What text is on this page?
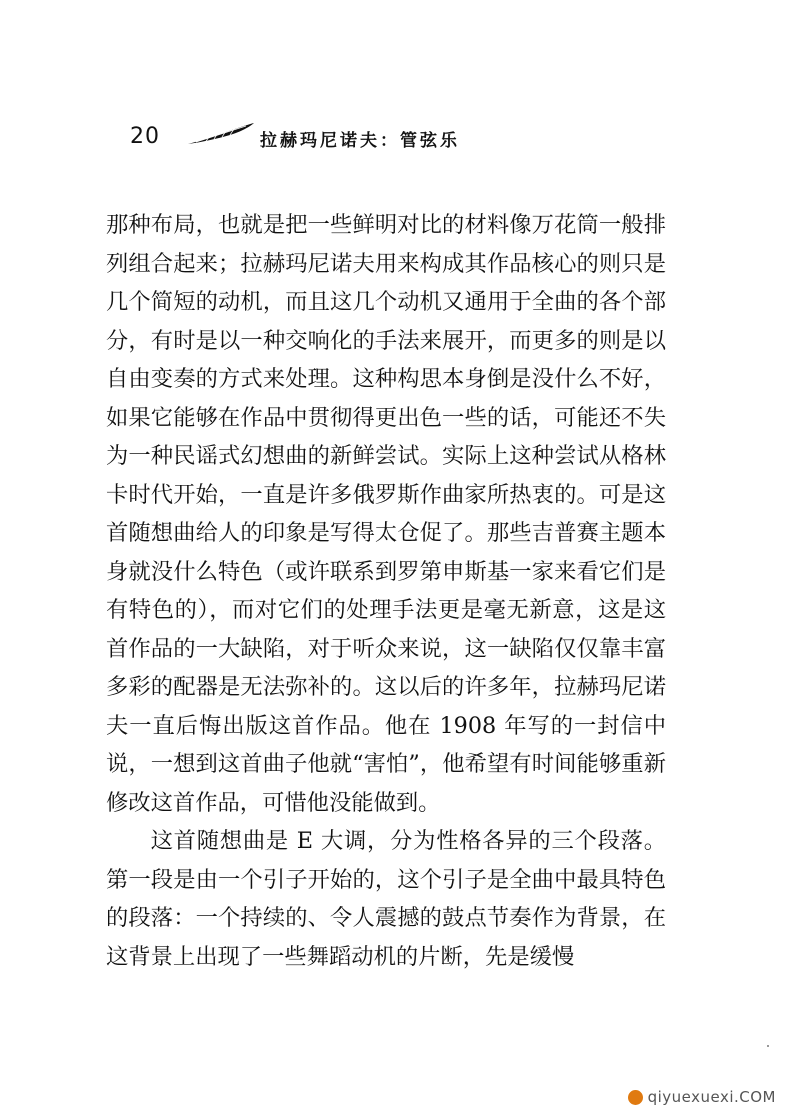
20	拉赫玛尼诺夫：管弦乐

那种布局，也就是把一些鲜明对比的材料像万花筒一般排列组合起来；拉赫玛尼诺夫用来构成其作品核心的则只是几个简短的动机，而且这几个动机又通用于全曲的各个部分，有时是以一种交响化的手法来展开，而更多的则是以自由变奏的方式来处理。这种构思本身倒是没什么不好，如果它能够在作品中贯彻得更出色一些的话，可能还不失为一种民谣式幻想曲的新鲜尝试。实际上这种尝试从格林卡时代开始，一直是许多俄罗斯作曲家所热衷的。可是这首随想曲给人的印象是写得太仓促了。那些吉普赛主题本身就没什么特色（或许联系到罗第申斯基一家来看它们是有特色的），而对它们的处理手法更是毫无新意，这是这首作品的一大缺陷，对于听众来说，这一缺陷仅仅靠丰富多彩的配器是无法弥补的。这以后的许多年，拉赫玛尼诺夫一直后悔出版这首作品。他在 1908 年写的一封信中说，一想到这首曲子他就“害怕”，他希望有时间能够重新修改这首作品，可惜他没能做到。

这首随想曲是 E 大调，分为性格各异的三个段落。第一段是由一个引子开始的，这个引子是全曲中最具特色的段落：一个持续的、令人震撼的鼓点节奏作为背景，在这背景上出现了一些舞蹈动机的片断，先是缓慢

qiyuexuexi.COM
